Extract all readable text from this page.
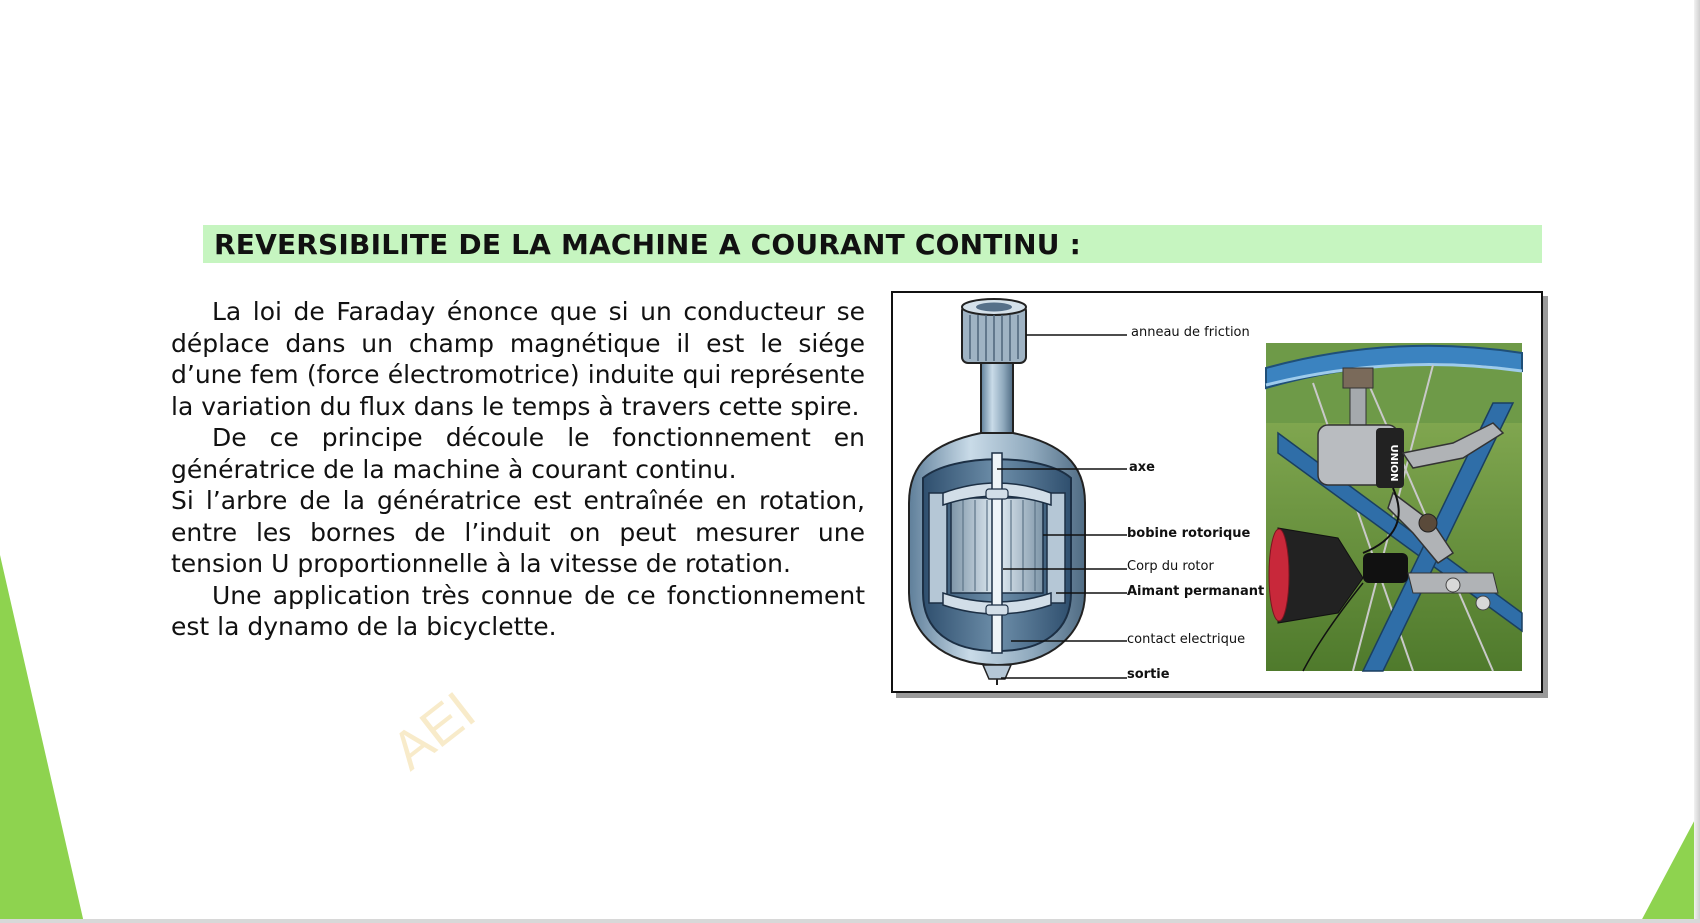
REVERSIBILITE DE LA MACHINE A COURANT CONTINU :

La loi de Faraday énonce que si un conducteur se déplace dans un champ magnétique il est le siége d’une fem (force électromotrice) induite qui représente la variation du flux dans le temps à travers cette spire.

De ce principe découle le fonctionnement en génératrice de la machine à courant continu.

Si l’arbre de la génératrice est entraînée en rotation, entre les bornes de l’induit on peut mesurer une tension U proportionnelle à la vitesse de rotation.

Une application très connue de ce fonctionnement est la dynamo de la bicyclette.

AEI
UNION
anneau de friction
axe
bobine rotorique
Corp du rotor
Aimant permanant
contact electrique
sortie
